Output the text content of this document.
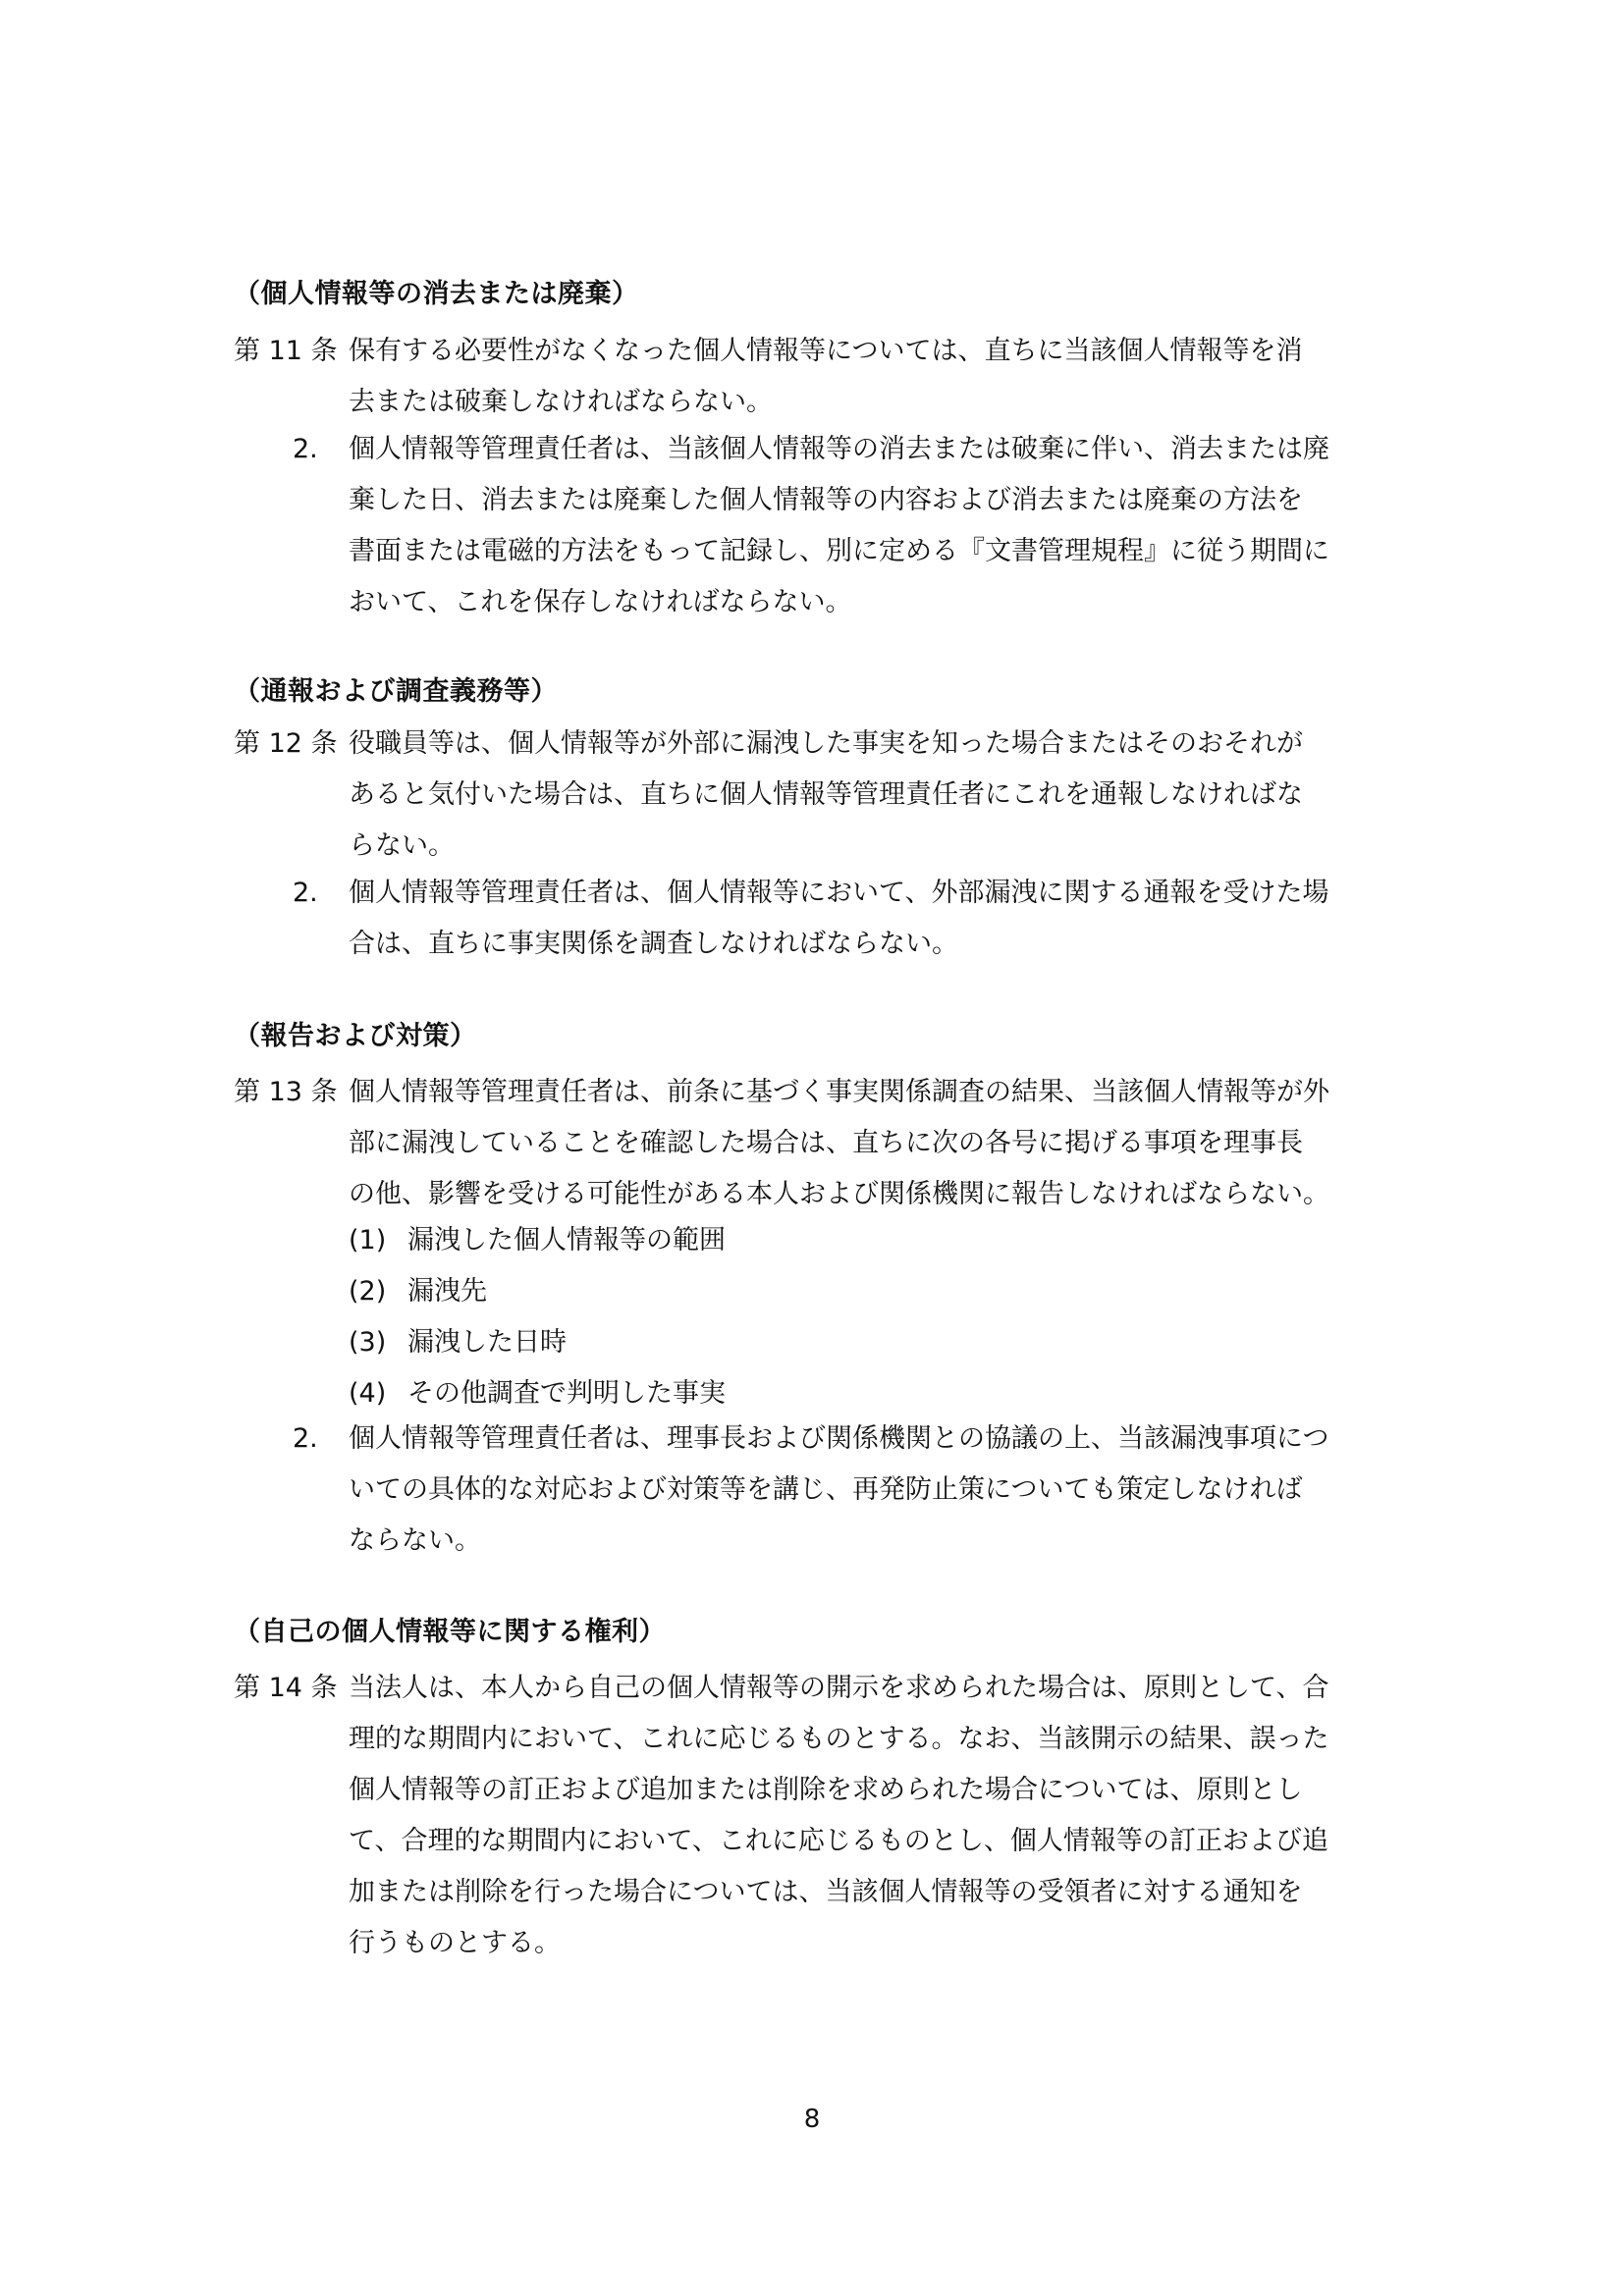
（個人情報等の消去または廃棄）
第 11 条 保有する必要性がなくなった個人情報等については、直ちに当該個人情報等を消
去または破棄しなければならない。
2. 個人情報等管理責任者は、当該個人情報等の消去または破棄に伴い、消去または廃
棄した日、消去または廃棄した個人情報等の内容および消去または廃棄の方法を
書面または電磁的方法をもって記録し、別に定める『文書管理規程』に従う期間に
おいて、これを保存しなければならない。
（通報および調査義務等）
第 12 条 役職員等は、個人情報等が外部に漏洩した事実を知った場合またはそのおそれが
あると気付いた場合は、直ちに個人情報等管理責任者にこれを通報しなければな
らない。
2. 個人情報等管理責任者は、個人情報等において、外部漏洩に関する通報を受けた場
合は、直ちに事実関係を調査しなければならない。
（報告および対策）
第 13 条 個人情報等管理責任者は、前条に基づく事実関係調査の結果、当該個人情報等が外
部に漏洩していることを確認した場合は、直ちに次の各号に掲げる事項を理事長
の他、影響を受ける可能性がある本人および関係機関に報告しなければならない。
(1) 漏洩した個人情報等の範囲
(2) 漏洩先
(3) 漏洩した日時
(4) その他調査で判明した事実
2. 個人情報等管理責任者は、理事長および関係機関との協議の上、当該漏洩事項につ
いての具体的な対応および対策等を講じ、再発防止策についても策定しなければ
ならない。
（自己の個人情報等に関する権利）
第 14 条 当法人は、本人から自己の個人情報等の開示を求められた場合は、原則として、合
理的な期間内において、これに応じるものとする。なお、当該開示の結果、誤った
個人情報等の訂正および追加または削除を求められた場合については、原則とし
て、合理的な期間内において、これに応じるものとし、個人情報等の訂正および追
加または削除を行った場合については、当該個人情報等の受領者に対する通知を
行うものとする。
8
